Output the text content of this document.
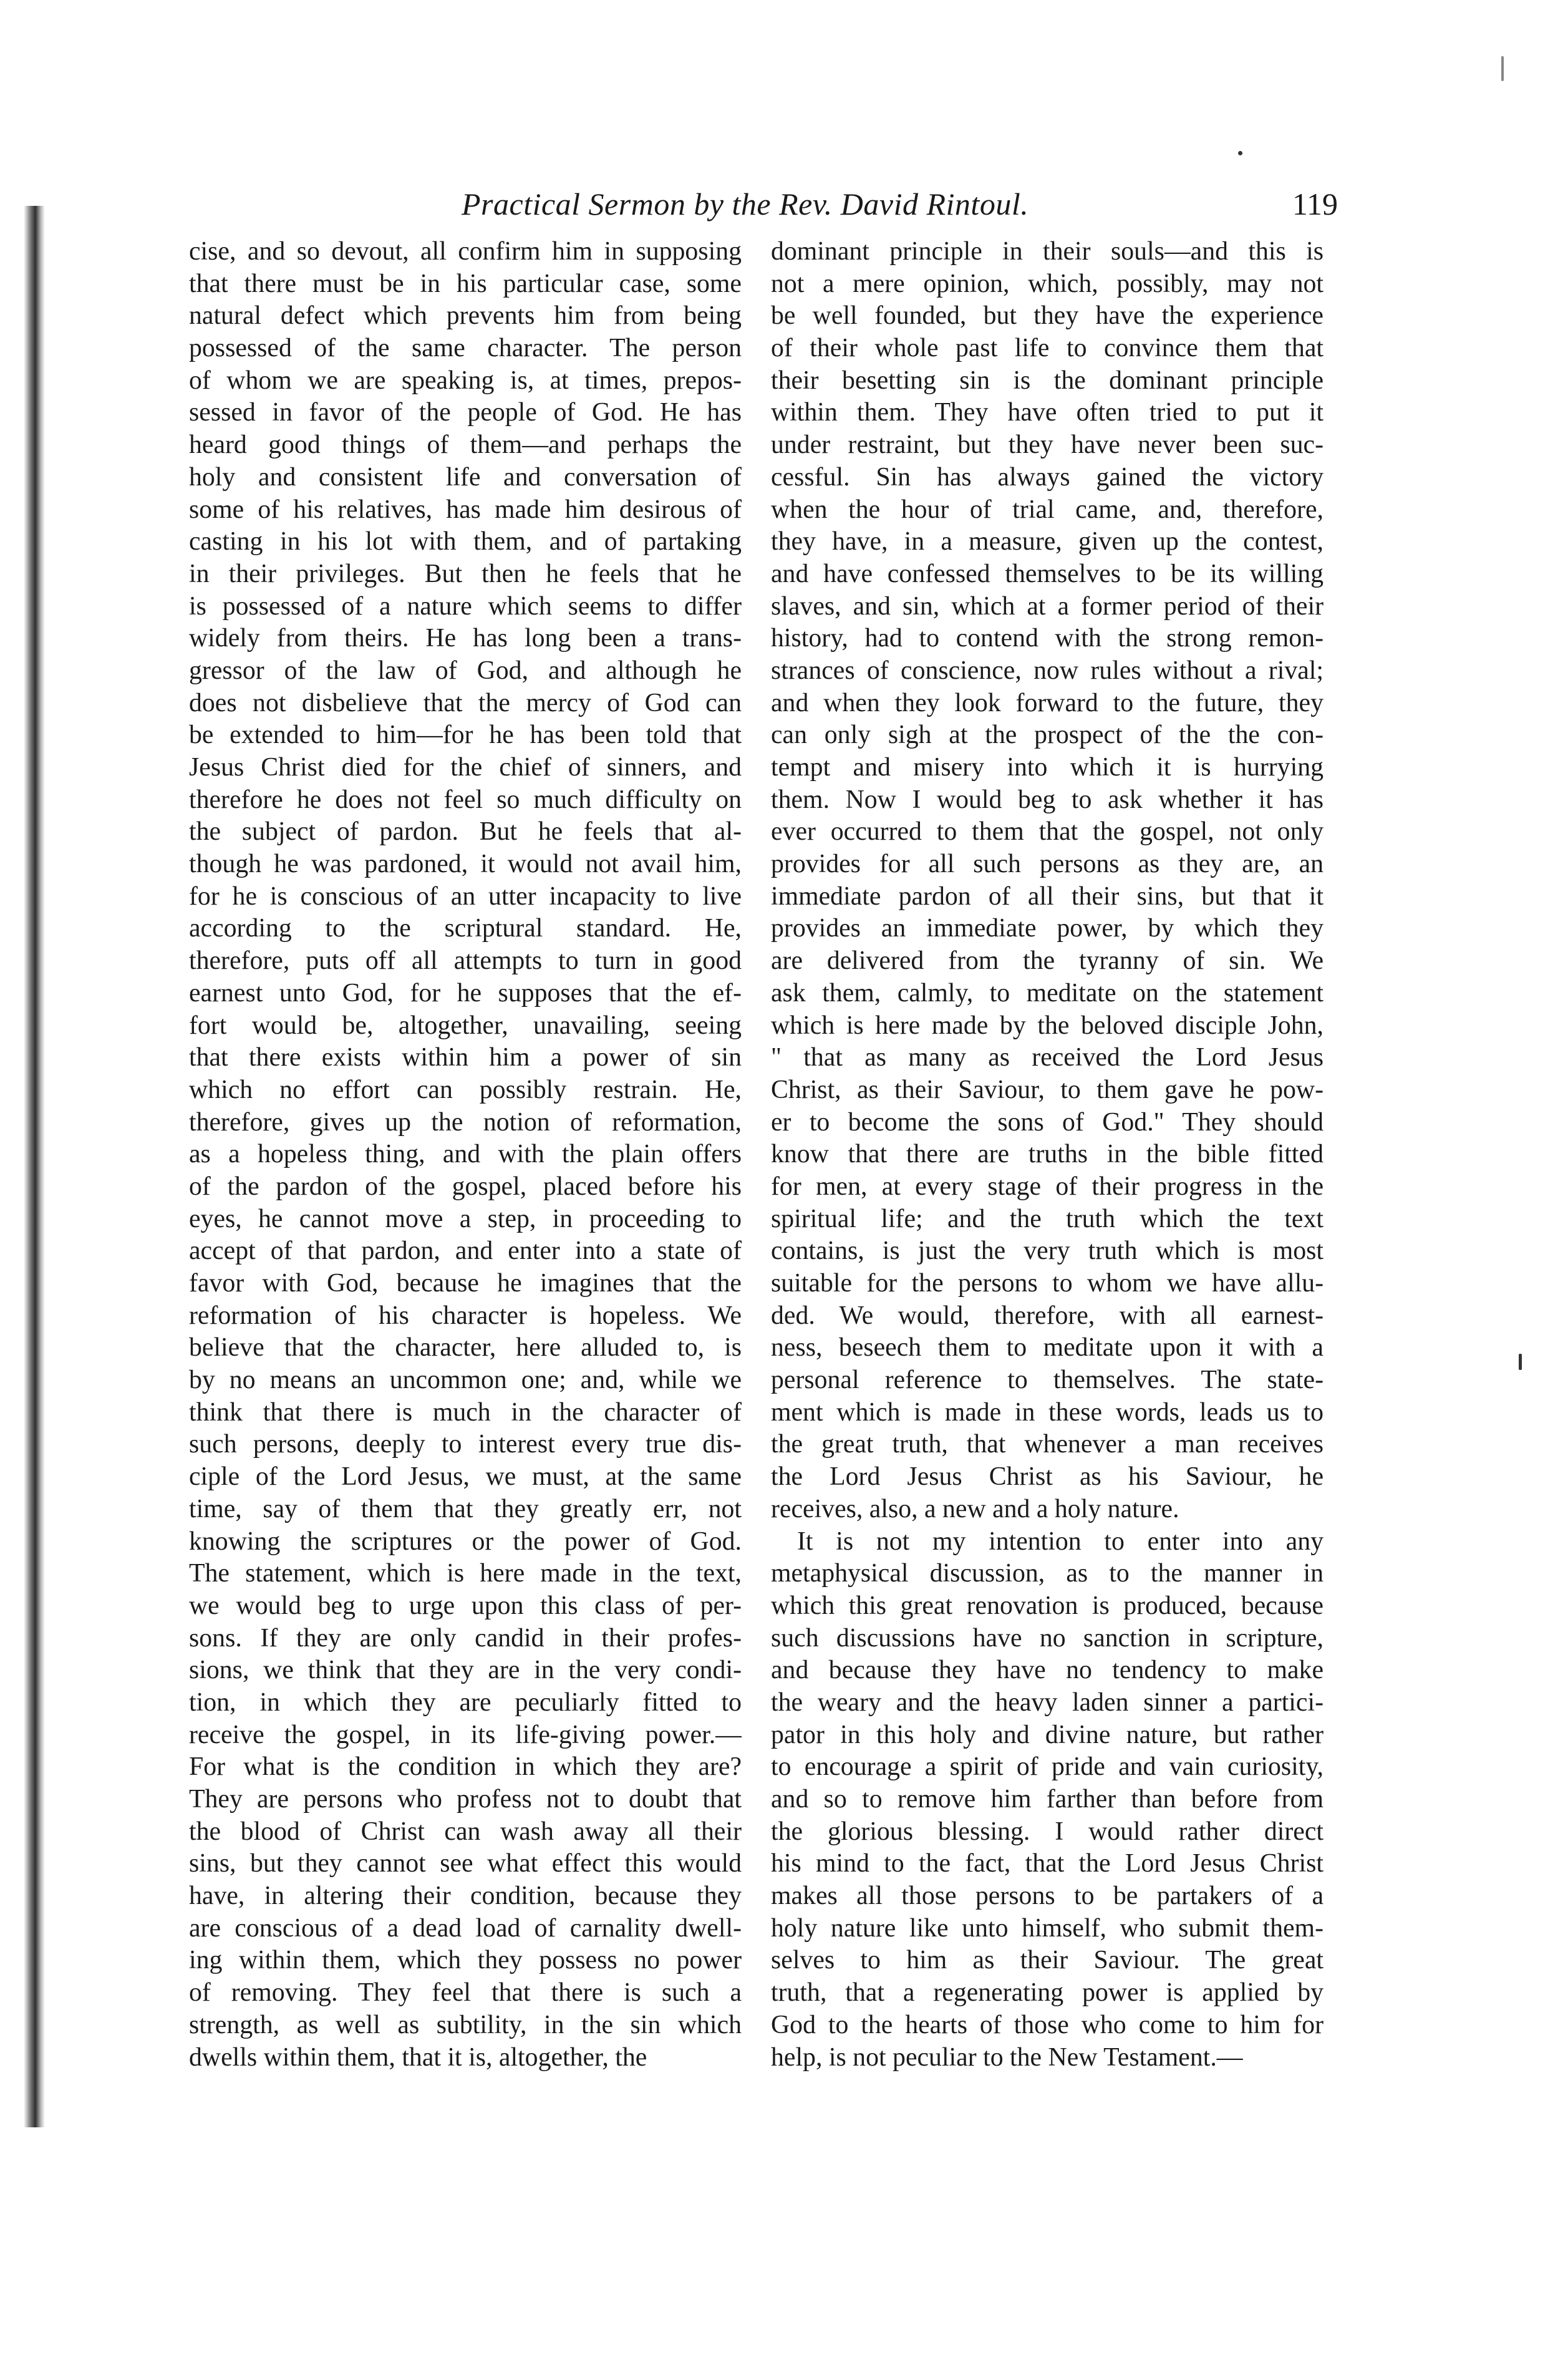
Practical Sermon by the Rev. David Rintoul.	119
cise, and so devout, all confirm him in supposing
that there must be in his particular case, some
natural defect which prevents him from being
possessed of the same character. The person
of whom we are speaking is, at times, prepos-
sessed in favor of the people of God. He has
heard good things of them—and perhaps the
holy and consistent life and conversation of
some of his relatives, has made him desirous of
casting in his lot with them, and of partaking
in their privileges. But then he feels that he
is possessed of a nature which seems to differ
widely from theirs. He has long been a trans-
gressor of the law of God, and although he
does not disbelieve that the mercy of God can
be extended to him—for he has been told that
Jesus Christ died for the chief of sinners, and
therefore he does not feel so much difficulty on
the subject of pardon. But he feels that al-
though he was pardoned, it would not avail him,
for he is conscious of an utter incapacity to live
according to the scriptural standard. He,
therefore, puts off all attempts to turn in good
earnest unto God, for he supposes that the ef-
fort would be, altogether, unavailing, seeing
that there exists within him a power of sin
which no effort can possibly restrain. He,
therefore, gives up the notion of reformation,
as a hopeless thing, and with the plain offers
of the pardon of the gospel, placed before his
eyes, he cannot move a step, in proceeding to
accept of that pardon, and enter into a state of
favor with God, because he imagines that the
reformation of his character is hopeless. We
believe that the character, here alluded to, is
by no means an uncommon one; and, while we
think that there is much in the character of
such persons, deeply to interest every true dis-
ciple of the Lord Jesus, we must, at the same
time, say of them that they greatly err, not
knowing the scriptures or the power of God.
The statement, which is here made in the text,
we would beg to urge upon this class of per-
sons. If they are only candid in their profes-
sions, we think that they are in the very condi-
tion, in which they are peculiarly fitted to
receive the gospel, in its life-giving power.—
For what is the condition in which they are?
They are persons who profess not to doubt that
the blood of Christ can wash away all their
sins, but they cannot see what effect this would
have, in altering their condition, because they
are conscious of a dead load of carnality dwell-
ing within them, which they possess no power
of removing. They feel that there is such a
strength, as well as subtility, in the sin which
dwells within them, that it is, altogether, the
dominant principle in their souls—and this is
not a mere opinion, which, possibly, may not
be well founded, but they have the experience
of their whole past life to convince them that
their besetting sin is the dominant principle
within them. They have often tried to put it
under restraint, but they have never been suc-
cessful. Sin has always gained the victory
when the hour of trial came, and, therefore,
they have, in a measure, given up the contest,
and have confessed themselves to be its willing
slaves, and sin, which at a former period of their
history, had to contend with the strong remon-
strances of conscience, now rules without a rival;
and when they look forward to the future, they
can only sigh at the prospect of the the con-
tempt and misery into which it is hurrying
them. Now I would beg to ask whether it has
ever occurred to them that the gospel, not only
provides for all such persons as they are, an
immediate pardon of all their sins, but that it
provides an immediate power, by which they
are delivered from the tyranny of sin. We
ask them, calmly, to meditate on the statement
which is here made by the beloved disciple John,
" that as many as received the Lord Jesus
Christ, as their Saviour, to them gave he pow-
er to become the sons of God." They should
know that there are truths in the bible fitted
for men, at every stage of their progress in the
spiritual life; and the truth which the text
contains, is just the very truth which is most
suitable for the persons to whom we have allu-
ded. We would, therefore, with all earnest-
ness, beseech them to meditate upon it with a
personal reference to themselves. The state-
ment which is made in these words, leads us to
the great truth, that whenever a man receives
the Lord Jesus Christ as his Saviour, he
receives, also, a new and a holy nature.
It is not my intention to enter into any
metaphysical discussion, as to the manner in
which this great renovation is produced, because
such discussions have no sanction in scripture,
and because they have no tendency to make
the weary and the heavy laden sinner a partici-
pator in this holy and divine nature, but rather
to encourage a spirit of pride and vain curiosity,
and so to remove him farther than before from
the glorious blessing. I would rather direct
his mind to the fact, that the Lord Jesus Christ
makes all those persons to be partakers of a
holy nature like unto himself, who submit them-
selves to him as their Saviour. The great
truth, that a regenerating power is applied by
God to the hearts of those who come to him for
help, is not peculiar to the New Testament.—
